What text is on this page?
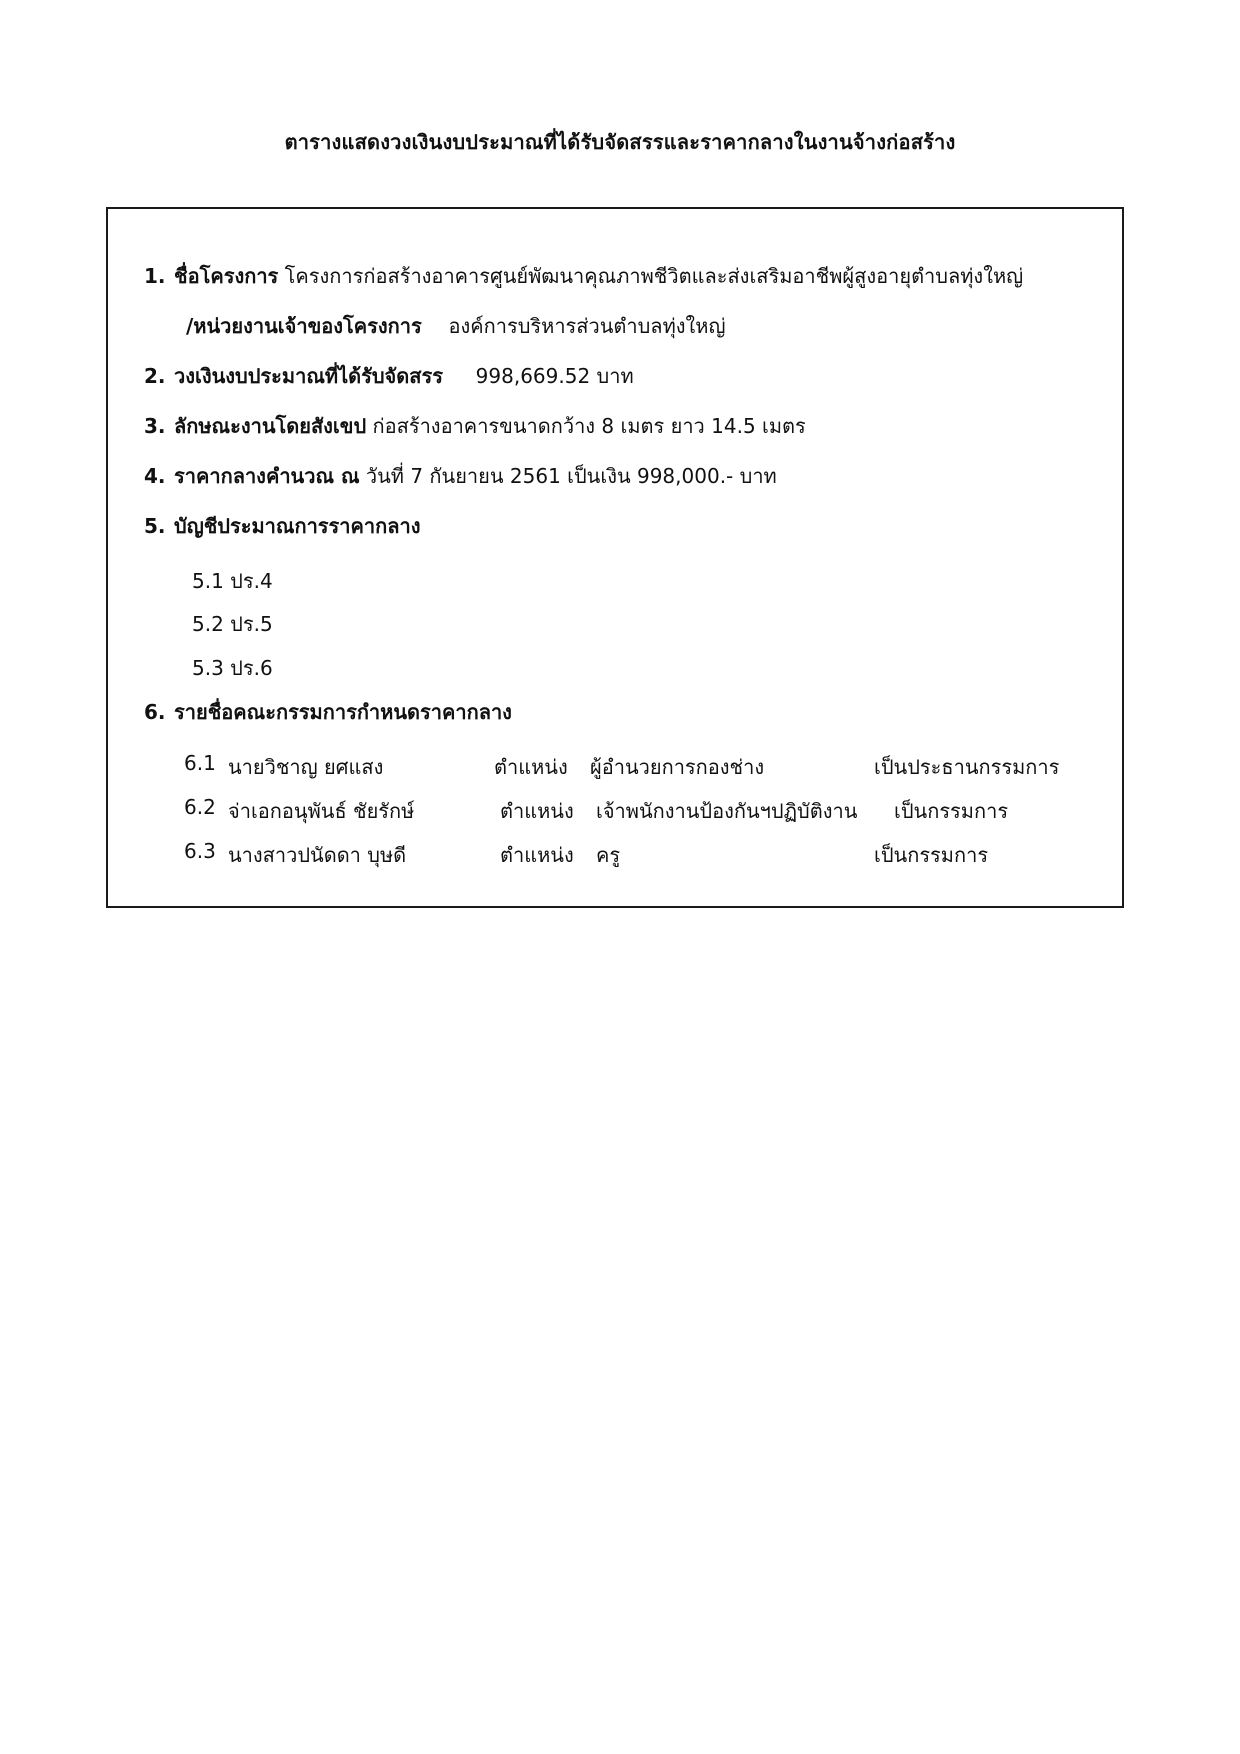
ตารางแสดงวงเงินงบประมาณที่ได้รับจัดสรรและราคากลางในงานจ้างก่อสร้าง
1. ชื่อโครงการ โครงการก่อสร้างอาคารศูนย์พัฒนาคุณภาพชีวิตและส่งเสริมอาชีพผู้สูงอายุตำบลทุ่งใหญ่
/หน่วยงานเจ้าของโครงการ องค์การบริหารส่วนตำบลทุ่งใหญ่
2. วงเงินงบประมาณที่ได้รับจัดสรร 998,669.52 บาท
3. ลักษณะงานโดยสังเขป ก่อสร้างอาคารขนาดกว้าง 8 เมตร ยาว 14.5 เมตร
4. ราคากลางคำนวณ ณ วันที่ 7 กันยายน 2561 เป็นเงิน 998,000.- บาท
5. บัญชีประมาณการราคากลาง
5.1 ปร.4
5.2 ปร.5
5.3 ปร.6
6. รายชื่อคณะกรรมการกำหนดราคากลาง
6.1 นายวิชาญ ยศแสง	ตำแหน่ง ผู้อำนวยการกองช่าง	เป็นประธานกรรมการ
6.2 จ่าเอกอนุพันธ์ ชัยรักษ์	ตำแหน่ง เจ้าพนักงานป้องกันฯปฏิบัติงาน เป็นกรรมการ
6.3 นางสาวปนัดดา บุษดี	ตำแหน่ง ครู	เป็นกรรมการ
